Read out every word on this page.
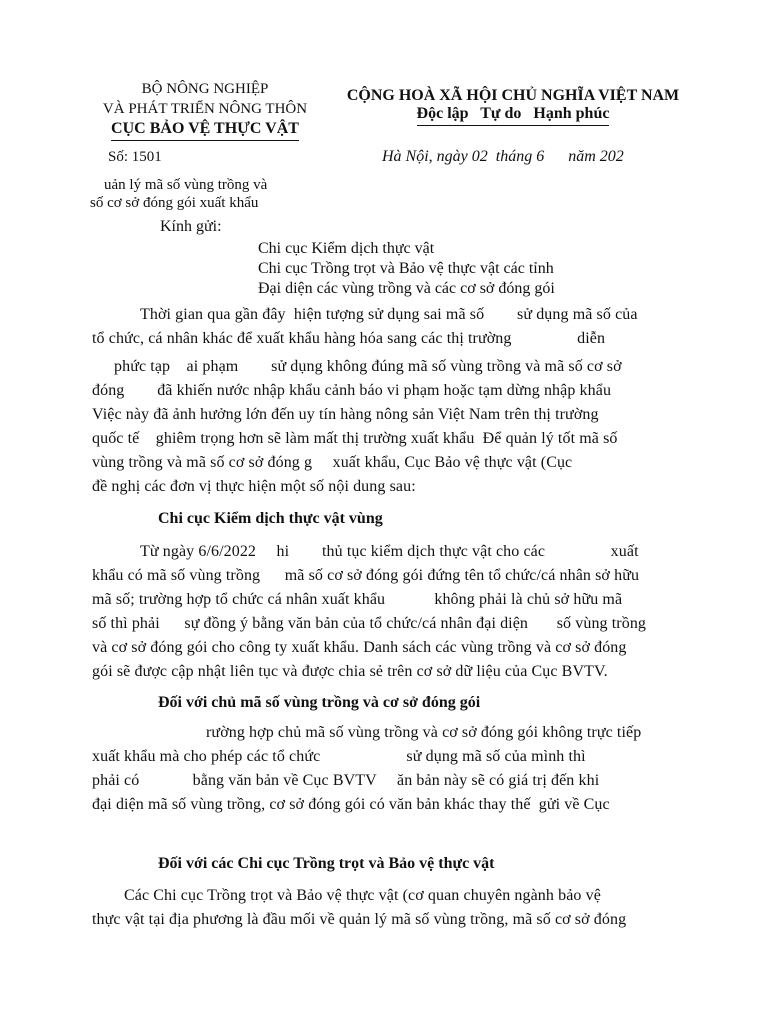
BỘ NÔNG NGHIỆP
VÀ PHÁT TRIỂN NÔNG THÔN
CỤC BẢO VỆ THỰC VẬT
Số: 1501
uản lý mã số vùng trồng và
số cơ sở đóng gói xuất khẩu
CỘNG HOÀ XÃ HỘI CHỦ NGHĨA VIỆT NAM
Độc lập   Tự do   Hạnh phúc
Hà Nội, ngày 02  tháng 6      năm 202
Kính gửi:
Chi cục Kiểm dịch thực vật
Chi cục Trồng trọt và Bảo vệ thực vật các tỉnh
Đại diện các vùng trồng và các cơ sở đóng gói
Thời gian qua gần đây  hiện tượng sử dụng sai mã số        sử dụng mã số của
tổ chức, cá nhân khác để xuất khẩu hàng hóa sang các thị trường                diễn
phức tạp    ai phạm        sử dụng không đúng mã số vùng trồng và mã số cơ sở
đóng        đã khiến nước nhập khẩu cảnh báo vi phạm hoặc tạm dừng nhập khẩu
Việc này đã ảnh hưởng lớn đến uy tín hàng nông sản Việt Nam trên thị trường
quốc tế    ghiêm trọng hơn sẽ làm mất thị trường xuất khẩu  Để quản lý tốt mã số
vùng trồng và mã số cơ sở đóng g     xuất khẩu, Cục Bảo vệ thực vật (Cục
đề nghị các đơn vị thực hiện một số nội dung sau:
Chi cục Kiểm dịch thực vật vùng
Từ ngày 6/6/2022     hi        thủ tục kiểm dịch thực vật cho các                xuất
khẩu có mã số vùng trồng      mã số cơ sở đóng gói đứng tên tổ chức/cá nhân sở hữu
mã số; trường hợp tổ chức cá nhân xuất khẩu            không phải là chủ sở hữu mã
số thì phải      sự đồng ý bằng văn bản của tổ chức/cá nhân đại diện       số vùng trồng
và cơ sở đóng gói cho công ty xuất khẩu. Danh sách các vùng trồng và cơ sở đóng
gói sẽ được cập nhật liên tục và được chia sẻ trên cơ sở dữ liệu của Cục BVTV.
Đối với chủ mã số vùng trồng và cơ sở đóng gói
rường hợp chủ mã số vùng trồng và cơ sở đóng gói không trực tiếp
xuất khẩu mà cho phép các tổ chức                     sử dụng mã số của mình thì
phải có             bằng văn bản về Cục BVTV     ăn bản này sẽ có giá trị đến khi
đại diện mã số vùng trồng, cơ sở đóng gói có văn bản khác thay thế  gửi về Cục
Đối với các Chi cục Trồng trọt và Bảo vệ thực vật
Các Chi cục Trồng trọt và Bảo vệ thực vật (cơ quan chuyên ngành bảo vệ
thực vật tại địa phương là đầu mối về quản lý mã số vùng trồng, mã số cơ sở đóng
